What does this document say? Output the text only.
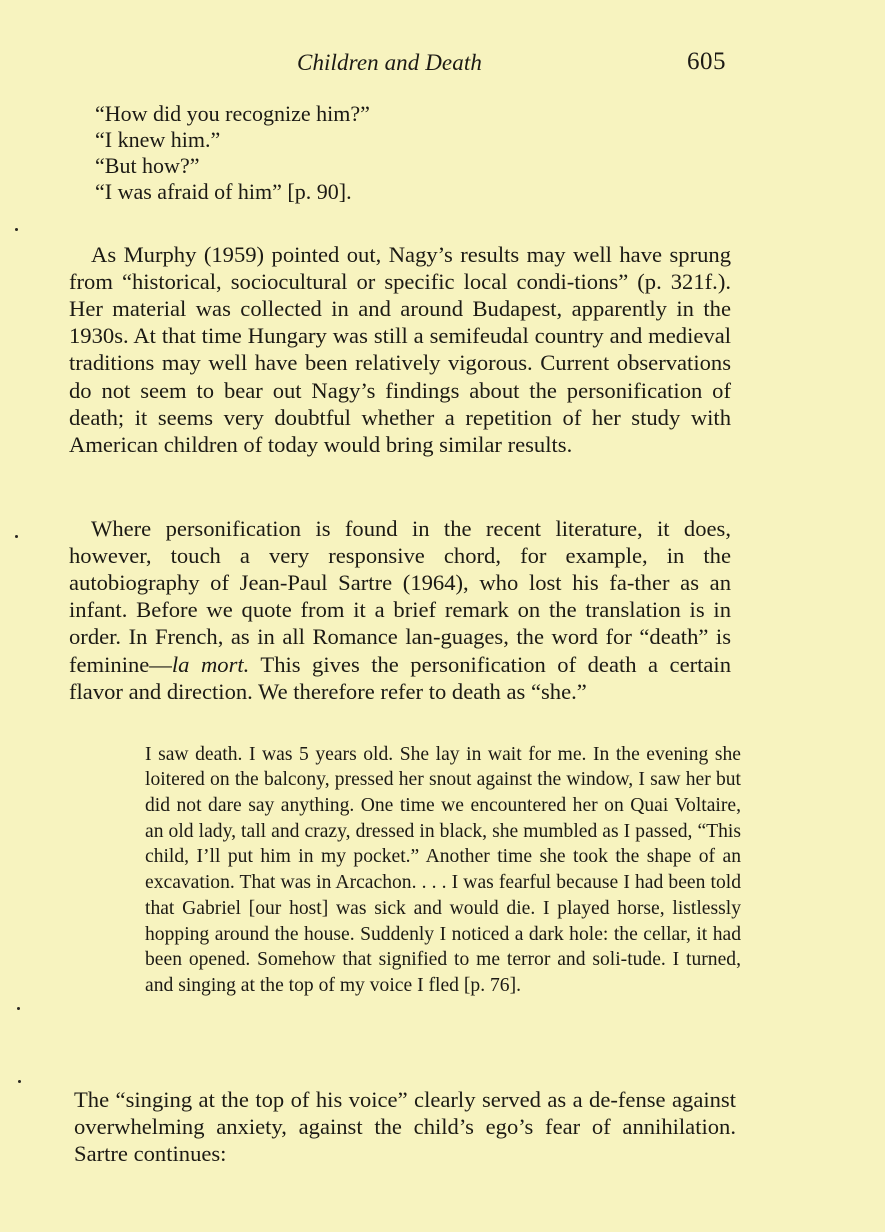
Children and Death	605
“How did you recognize him?”
“I knew him.”
“But how?”
“I was afraid of him” [p. 90].

As Murphy (1959) pointed out, Nagy’s results may well have sprung from “historical, sociocultural or specific local condi-tions” (p. 321f.). Her material was collected in and around Budapest, apparently in the 1930s. At that time Hungary was still a semifeudal country and medieval traditions may well have been relatively vigorous. Current observations do not seem to bear out Nagy’s findings about the personification of death; it seems very doubtful whether a repetition of her study with American children of today would bring similar results.

Where personification is found in the recent literature, it does, however, touch a very responsive chord, for example, in the autobiography of Jean-Paul Sartre (1964), who lost his fa-ther as an infant. Before we quote from it a brief remark on the translation is in order. In French, as in all Romance lan-guages, the word for “death” is feminine—la mort. This gives the personification of death a certain flavor and direction. We therefore refer to death as “she.”

I saw death. I was 5 years old. She lay in wait for me. In the evening she loitered on the balcony, pressed her snout against the window, I saw her but did not dare say anything. One time we encountered her on Quai Voltaire, an old lady, tall and crazy, dressed in black, she mumbled as I passed, “This child, I’ll put him in my pocket.” Another time she took the shape of an excavation. That was in Arcachon. . . . I was fearful because I had been told that Gabriel [our host] was sick and would die. I played horse, listlessly hopping around the house. Suddenly I noticed a dark hole: the cellar, it had been opened. Somehow that signified to me terror and soli-tude. I turned, and singing at the top of my voice I fled [p. 76].

The “singing at the top of his voice” clearly served as a de-fense against overwhelming anxiety, against the child’s ego’s fear of annihilation. Sartre continues:
